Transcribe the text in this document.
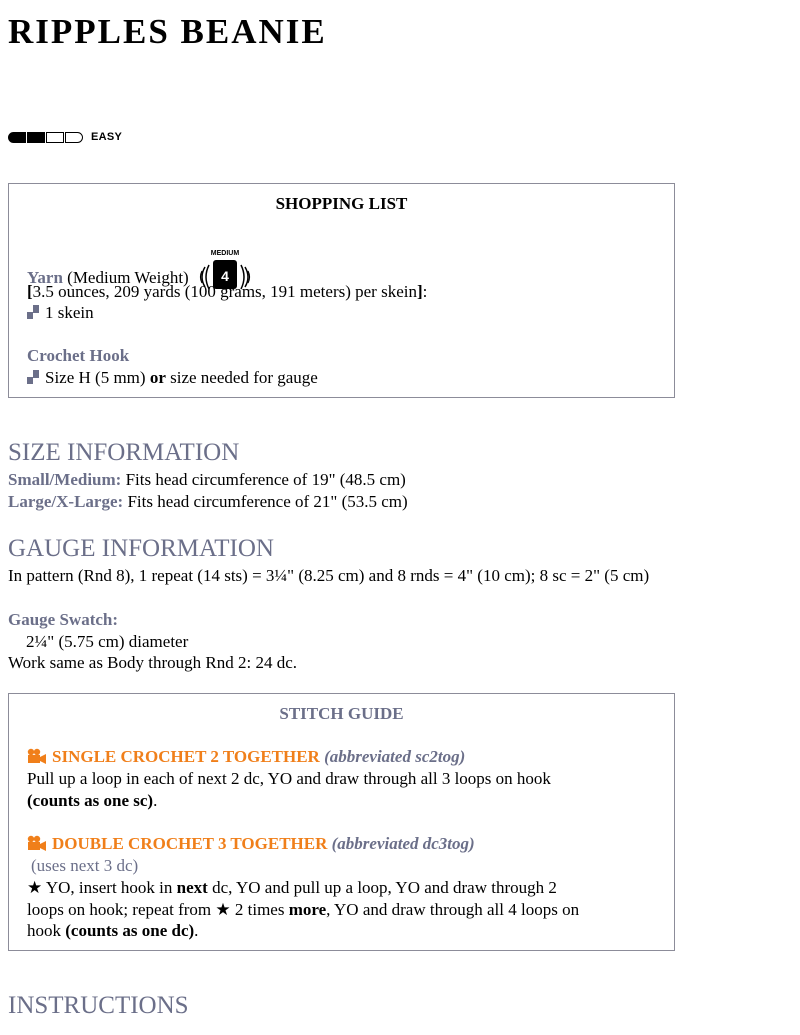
RIPPLES BEANIE
EASY
SHOPPING LIST
Yarn (Medium Weight)
MEDIUM
4
[3.5 ounces, 209 yards (100 grams, 191 meters) per skein]:
1 skein
Crochet Hook
Size H (5 mm) or size needed for gauge
SIZE INFORMATION
Small/Medium: Fits head circumference of 19" (48.5 cm)
Large/X-Large: Fits head circumference of 21" (53.5 cm)
GAUGE INFORMATION
In pattern (Rnd 8), 1 repeat (14 sts) = 3¼" (8.25 cm) and 8 rnds = 4" (10 cm); 8 sc = 2" (5 cm)
Gauge Swatch:
2¼" (5.75 cm) diameter
Work same as Body through Rnd 2: 24 dc.
STITCH GUIDE
SINGLE CROCHET 2 TOGETHER (abbreviated sc2tog)
Pull up a loop in each of next 2 dc, YO and draw through all 3 loops on hook
(counts as one sc).
DOUBLE CROCHET 3 TOGETHER (abbreviated dc3tog)
(uses next 3 dc)
★ YO, insert hook in next dc, YO and pull up a loop, YO and draw through 2
loops on hook; repeat from ★ 2 times more, YO and draw through all 4 loops on
hook (counts as one dc).
INSTRUCTIONS
